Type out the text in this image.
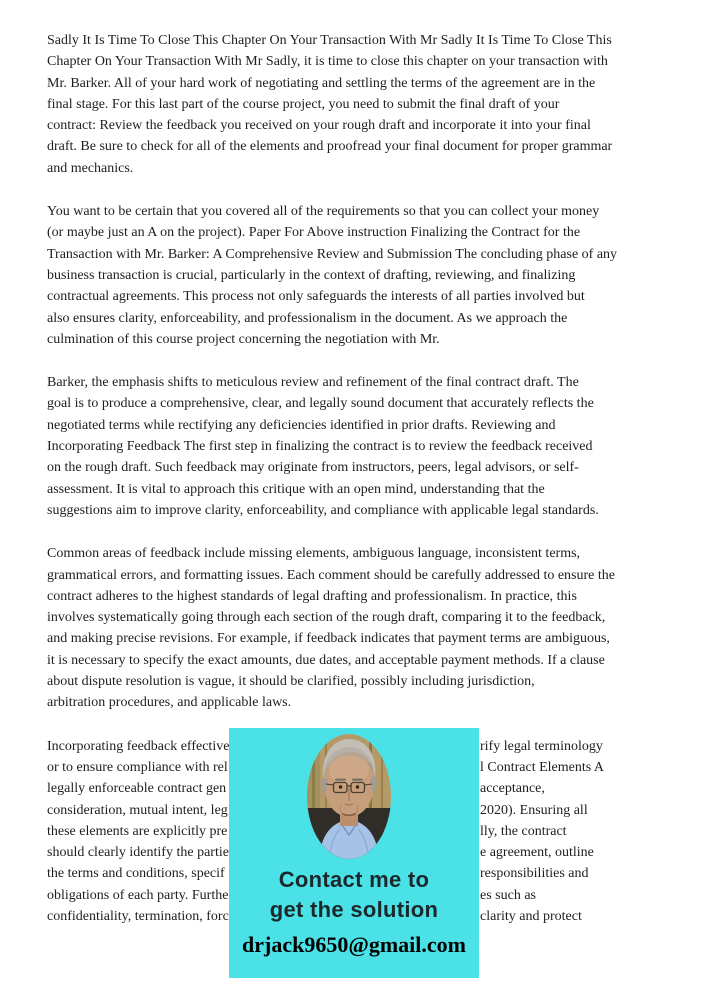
Sadly It Is Time To Close This Chapter On Your Transaction With Mr Sadly It Is Time To Close This
Chapter On Your Transaction With Mr Sadly, it is time to close this chapter on your transaction with
Mr. Barker. All of your hard work of negotiating and settling the terms of the agreement are in the
final stage. For this last part of the course project, you need to submit the final draft of your
contract: Review the feedback you received on your rough draft and incorporate it into your final
draft. Be sure to check for all of the elements and proofread your final document for proper grammar
and mechanics.
You want to be certain that you covered all of the requirements so that you can collect your money
(or maybe just an A on the project). Paper For Above instruction Finalizing the Contract for the
Transaction with Mr. Barker: A Comprehensive Review and Submission The concluding phase of any
business transaction is crucial, particularly in the context of drafting, reviewing, and finalizing
contractual agreements. This process not only safeguards the interests of all parties involved but
also ensures clarity, enforceability, and professionalism in the document. As we approach the
culmination of this course project concerning the negotiation with Mr.
Barker, the emphasis shifts to meticulous review and refinement of the final contract draft. The
goal is to produce a comprehensive, clear, and legally sound document that accurately reflects the
negotiated terms while rectifying any deficiencies identified in prior drafts. Reviewing and
Incorporating Feedback The first step in finalizing the contract is to review the feedback received
on the rough draft. Such feedback may originate from instructors, peers, legal advisors, or self-
assessment. It is vital to approach this critique with an open mind, understanding that the
suggestions aim to improve clarity, enforceability, and compliance with applicable legal standards.
Common areas of feedback include missing elements, ambiguous language, inconsistent terms,
grammatical errors, and formatting issues. Each comment should be carefully addressed to ensure the
contract adheres to the highest standards of legal drafting and professionalism. In practice, this
involves systematically going through each section of the rough draft, comparing it to the feedback,
and making precise revisions. For example, if feedback indicates that payment terms are ambiguous,
it is necessary to specify the exact amounts, due dates, and acceptable payment methods. If a clause
about dispute resolution is vague, it should be clarified, possibly including jurisdiction,
arbitration procedures, and applicable laws.
Incorporating feedback effective	rify legal terminology
or to ensure compliance with rel	l Contract Elements A
legally enforceable contract gen	acceptance,
consideration, mutual intent, leg	2020). Ensuring all
these elements are explicitly pre	lly, the contract
should clearly identify the partie	e agreement, outline
the terms and conditions, specif	responsibilities and
obligations of each party. Furthe	es such as
confidentiality, termination, forc	clarity and protect
Contact me to
get the solution
drjack9650@gmail.com
